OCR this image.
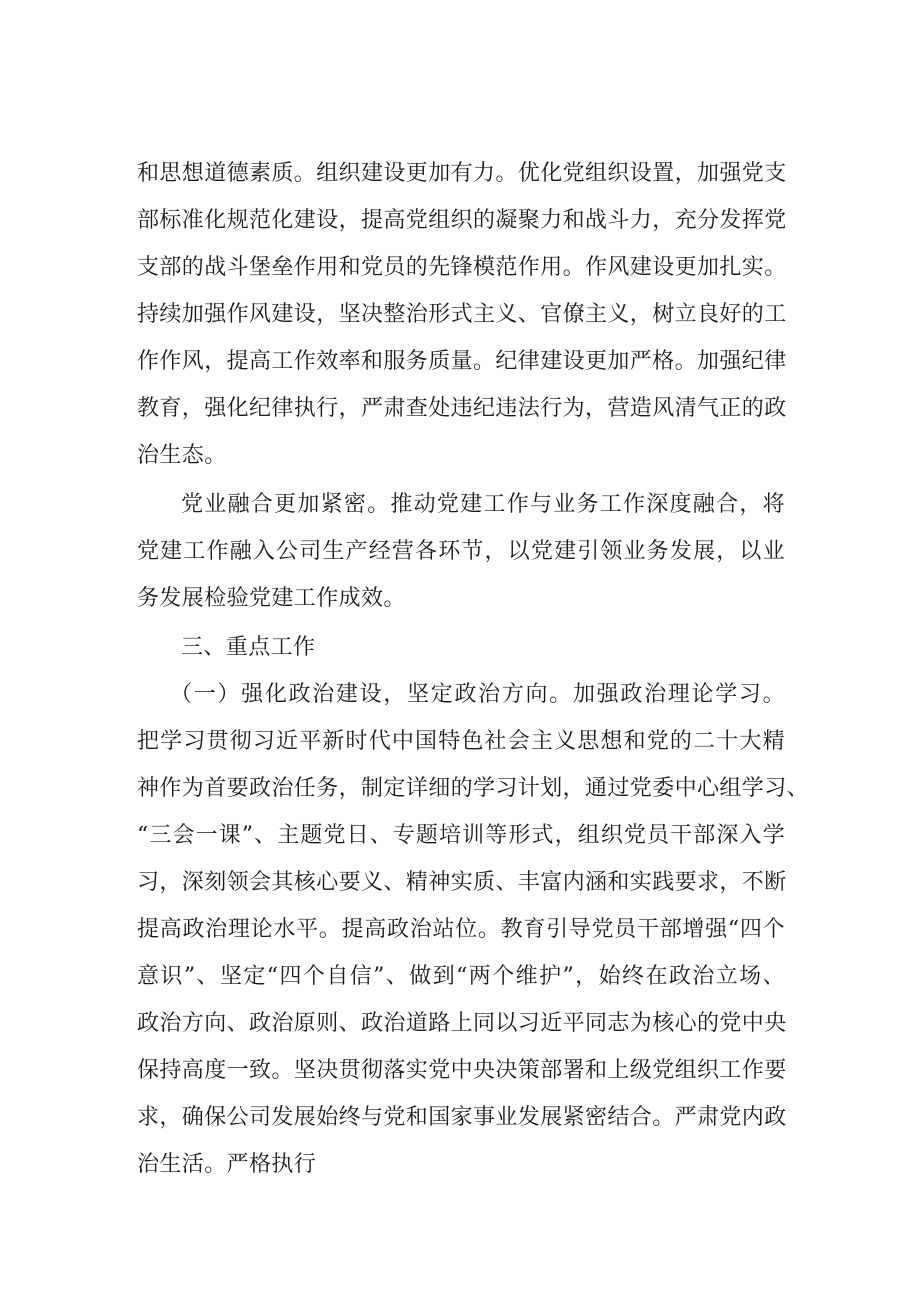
和思想道德素质。组织建设更加有力。优化党组织设置，加强党支
部标准化规范化建设，提高党组织的凝聚力和战斗力，充分发挥党
支部的战斗堡垒作用和党员的先锋模范作用。作风建设更加扎实。
持续加强作风建设，坚决整治形式主义、官僚主义，树立良好的工
作作风，提高工作效率和服务质量。纪律建设更加严格。加强纪律
教育，强化纪律执行，严肃查处违纪违法行为，营造风清气正的政
治生态。
党业融合更加紧密。推动党建工作与业务工作深度融合，将
党建工作融入公司生产经营各环节，以党建引领业务发展，以业
务发展检验党建工作成效。
三、重点工作
（一）强化政治建设，坚定政治方向。加强政治理论学习。
把学习贯彻习近平新时代中国特色社会主义思想和党的二十大精
神作为首要政治任务，制定详细的学习计划，通过党委中心组学习、
“三会一课”、主题党日、专题培训等形式，组织党员干部深入学
习，深刻领会其核心要义、精神实质、丰富内涵和实践要求，不断
提高政治理论水平。提高政治站位。教育引导党员干部增强“四个
意识”、坚定“四个自信”、做到“两个维护”，始终在政治立场、
政治方向、政治原则、政治道路上同以习近平同志为核心的党中央
保持高度一致。坚决贯彻落实党中央决策部署和上级党组织工作要
求，确保公司发展始终与党和国家事业发展紧密结合。严肃党内政
治生活。严格执行
